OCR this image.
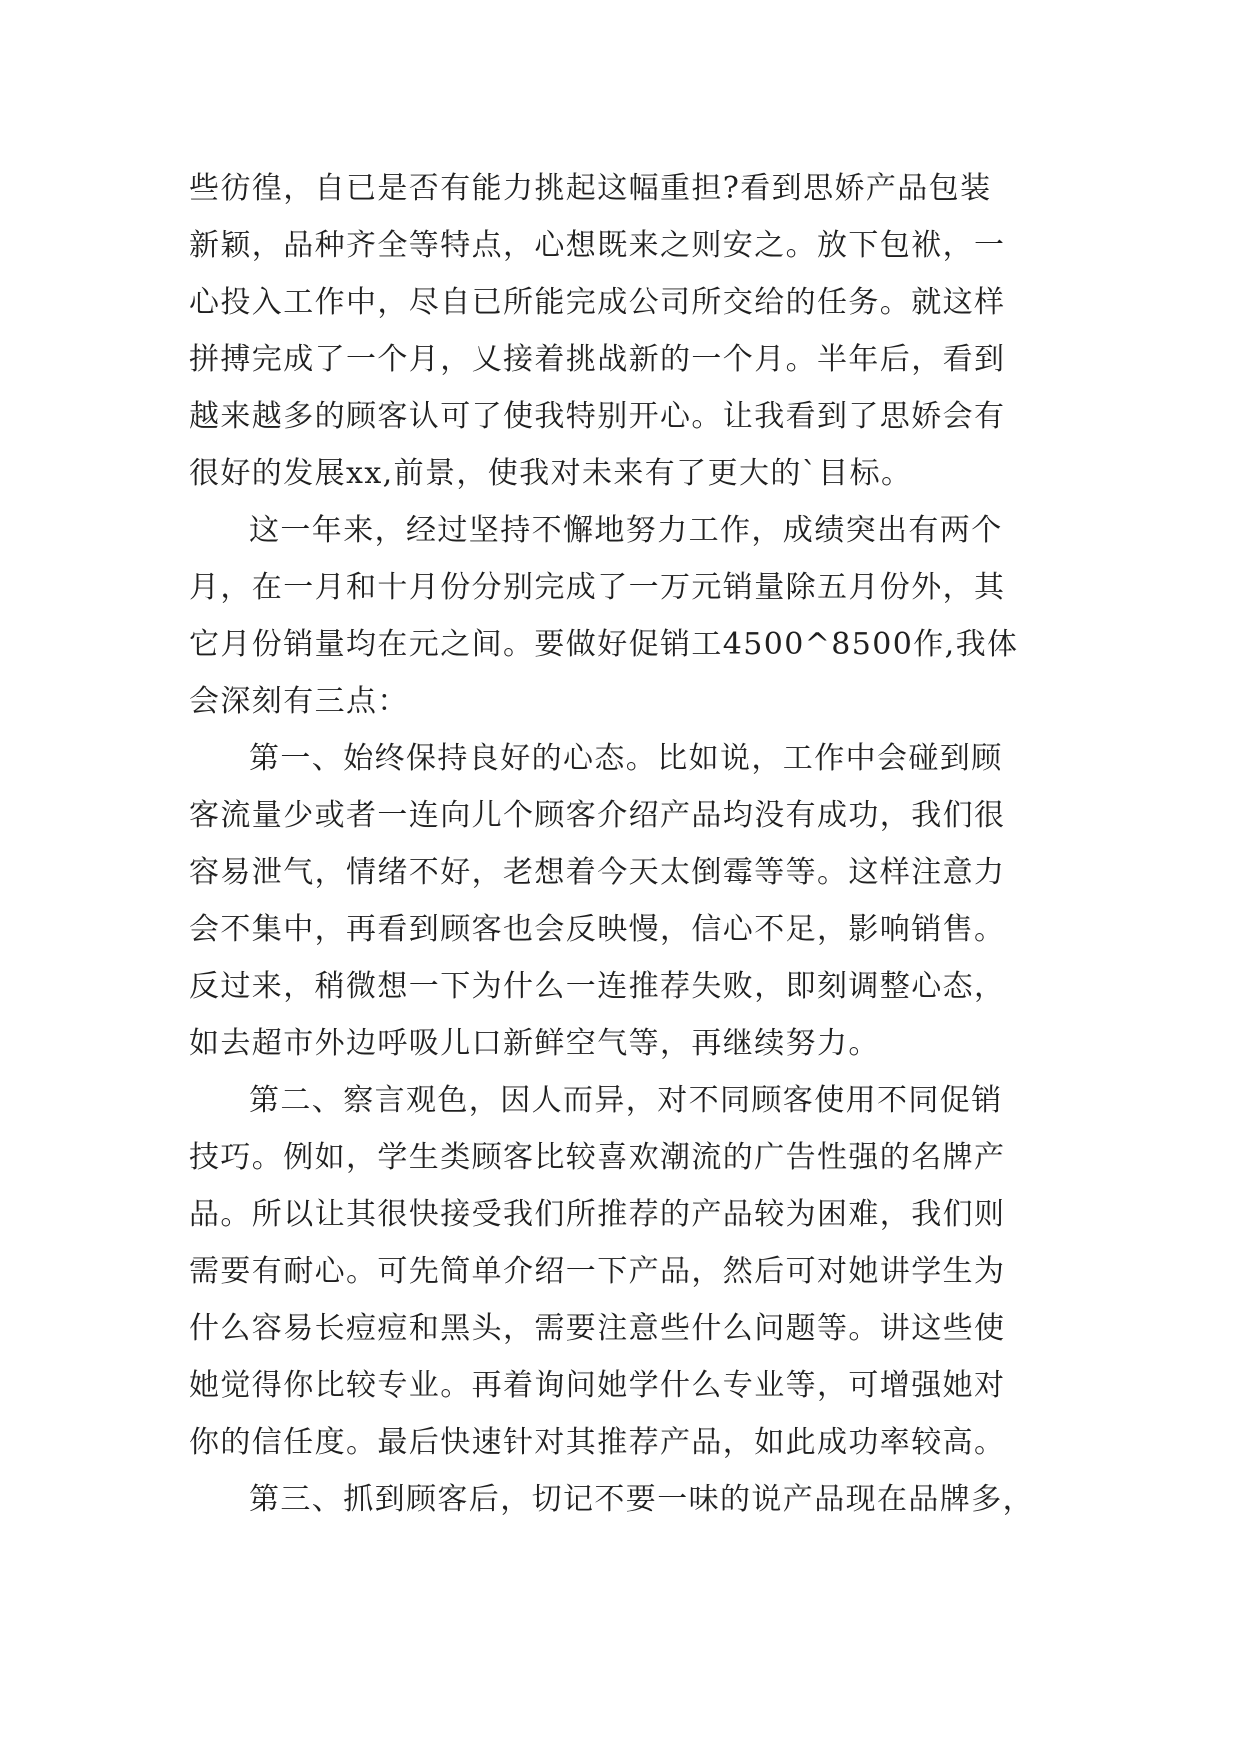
些彷徨，自已是否有能力挑起这幅重担?看到思娇产品包装
新颖，品种齐全等特点，心想既来之则安之。放下包袱，一
心投入工作中，尽自已所能完成公司所交给的任务。就这样
拼搏完成了一个月，乂接着挑战新的一个月。半年后，看到
越来越多的顾客认可了使我特别开心。让我看到了思娇会有
很好的发展xx,前景，使我对未来有了更大的`目标。
这一年来，经过坚持不懈地努力工作，成绩突出有两个
月，在一月和十月份分别完成了一万元销量除五月份外，其
它月份销量均在元之间。要做好促销工4500^8500作,我体
会深刻有三点：
第一、始终保持良好的心态。比如说，工作中会碰到顾
客流量少或者一连向儿个顾客介绍产品均没有成功，我们很
容易泄气，情绪不好，老想着今天太倒霉等等。这样注意力
会不集中，再看到顾客也会反映慢，信心不足，影响销售。
反过来，稍微想一下为什么一连推荐失败，即刻调整心态，
如去超市外边呼吸儿口新鲜空气等，再继续努力。
第二、察言观色，因人而异，对不同顾客使用不同促销
技巧。例如，学生类顾客比较喜欢潮流的广告性强的名牌产
品。所以让其很快接受我们所推荐的产品较为困难，我们则
需要有耐心。可先简单介绍一下产品，然后可对她讲学生为
什么容易长痘痘和黑头，需要注意些什么问题等。讲这些使
她觉得你比较专业。再着询问她学什么专业等，可增强她对
你的信任度。最后快速针对其推荐产品，如此成功率较高。
第三、抓到顾客后，切记不要一味的说产品现在品牌多，
